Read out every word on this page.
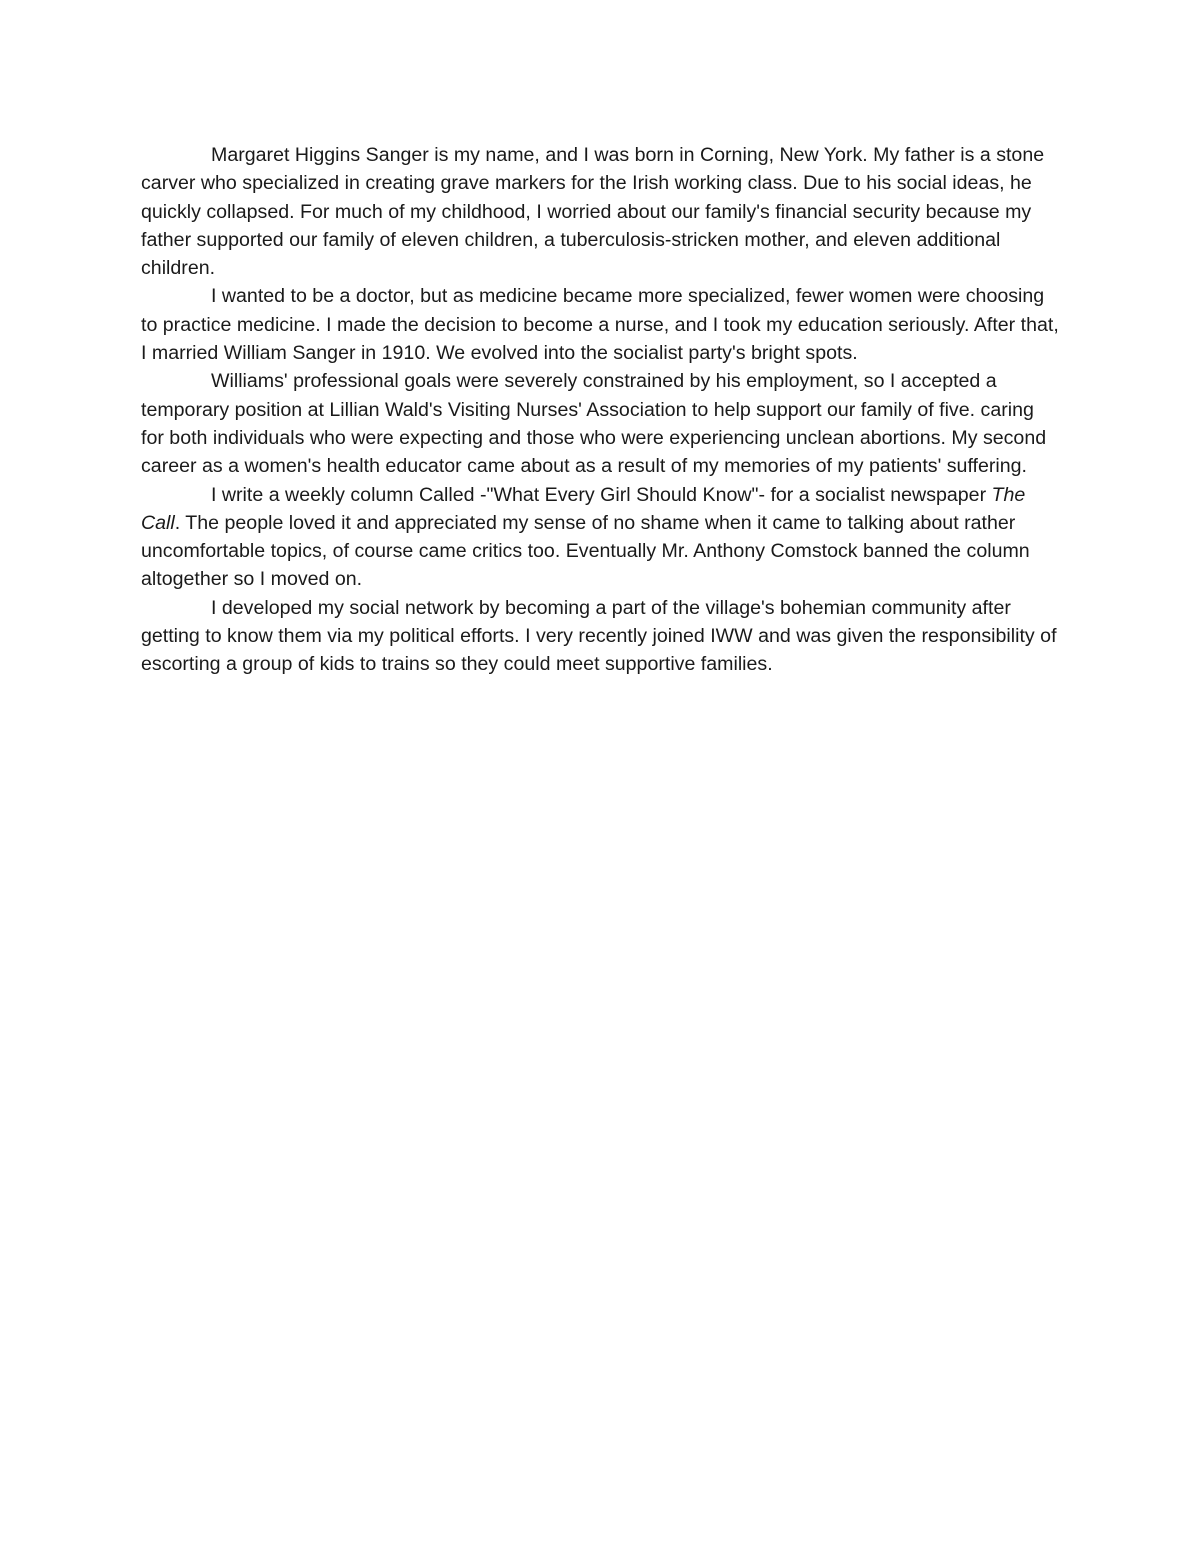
Margaret Higgins Sanger is my name, and I was born in Corning, New York. My father is a stone carver who specialized in creating grave markers for the Irish working class. Due to his social ideas, he quickly collapsed. For much of my childhood, I worried about our family's financial security because my father supported our family of eleven children, a tuberculosis-stricken mother, and eleven additional children.

I wanted to be a doctor, but as medicine became more specialized, fewer women were choosing to practice medicine. I made the decision to become a nurse, and I took my education seriously. After that, I married William Sanger in 1910. We evolved into the socialist party's bright spots.

Williams' professional goals were severely constrained by his employment, so I accepted a temporary position at Lillian Wald's Visiting Nurses' Association to help support our family of five. caring for both individuals who were expecting and those who were experiencing unclean abortions. My second career as a women's health educator came about as a result of my memories of my patients' suffering.

I write a weekly column Called -"What Every Girl Should Know"- for a socialist newspaper The Call. The people loved it and appreciated my sense of no shame when it came to talking about rather uncomfortable topics, of course came critics too. Eventually Mr. Anthony Comstock banned the column altogether so I moved on.

I developed my social network by becoming a part of the village's bohemian community after getting to know them via my political efforts. I very recently joined IWW and was given the responsibility of escorting a group of kids to trains so they could meet supportive families.
